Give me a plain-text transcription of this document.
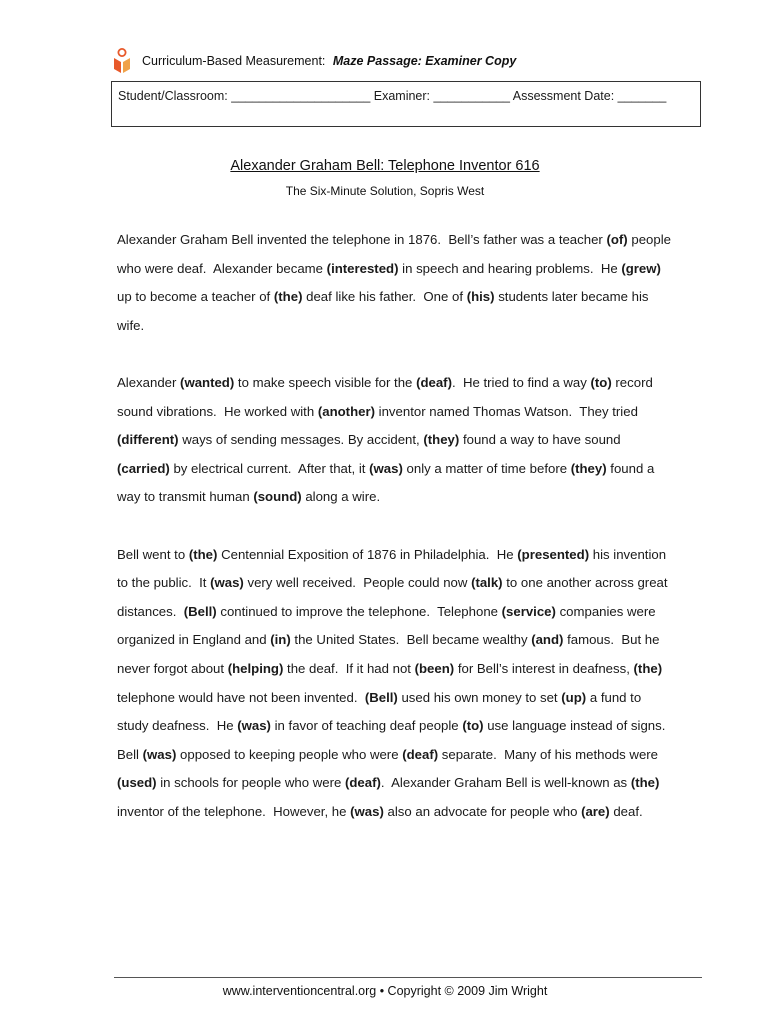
Curriculum-Based Measurement: Maze Passage: Examiner Copy
Student/Classroom: ____________________ Examiner: ___________ Assessment Date: _______
Alexander Graham Bell: Telephone Inventor 616
The Six-Minute Solution, Sopris West

Alexander Graham Bell invented the telephone in 1876.  Bell’s father was a teacher (of) people
who were deaf.  Alexander became (interested) in speech and hearing problems.  He (grew)
up to become a teacher of (the) deaf like his father.  One of (his) students later became his
wife.

Alexander (wanted) to make speech visible for the (deaf).  He tried to find a way (to) record
sound vibrations.  He worked with (another) inventor named Thomas Watson.  They tried
(different) ways of sending messages. By accident, (they) found a way to have sound
(carried) by electrical current.  After that, it (was) only a matter of time before (they) found a
way to transmit human (sound) along a wire.

Bell went to (the) Centennial Exposition of 1876 in Philadelphia.  He (presented) his invention
to the public.  It (was) very well received.  People could now (talk) to one another across great
distances.  (Bell) continued to improve the telephone.  Telephone (service) companies were
organized in England and (in) the United States.  Bell became wealthy (and) famous.  But he
never forgot about (helping) the deaf.  If it had not (been) for Bell’s interest in deafness, (the)
telephone would have not been invented.  (Bell) used his own money to set (up) a fund to
study deafness.  He (was) in favor of teaching deaf people (to) use language instead of signs.
Bell (was) opposed to keeping people who were (deaf) separate.  Many of his methods were
(used) in schools for people who were (deaf).  Alexander Graham Bell is well-known as (the)
inventor of the telephone.  However, he (was) also an advocate for people who (are) deaf.

www.interventioncentral.org • Copyright © 2009 Jim Wright
